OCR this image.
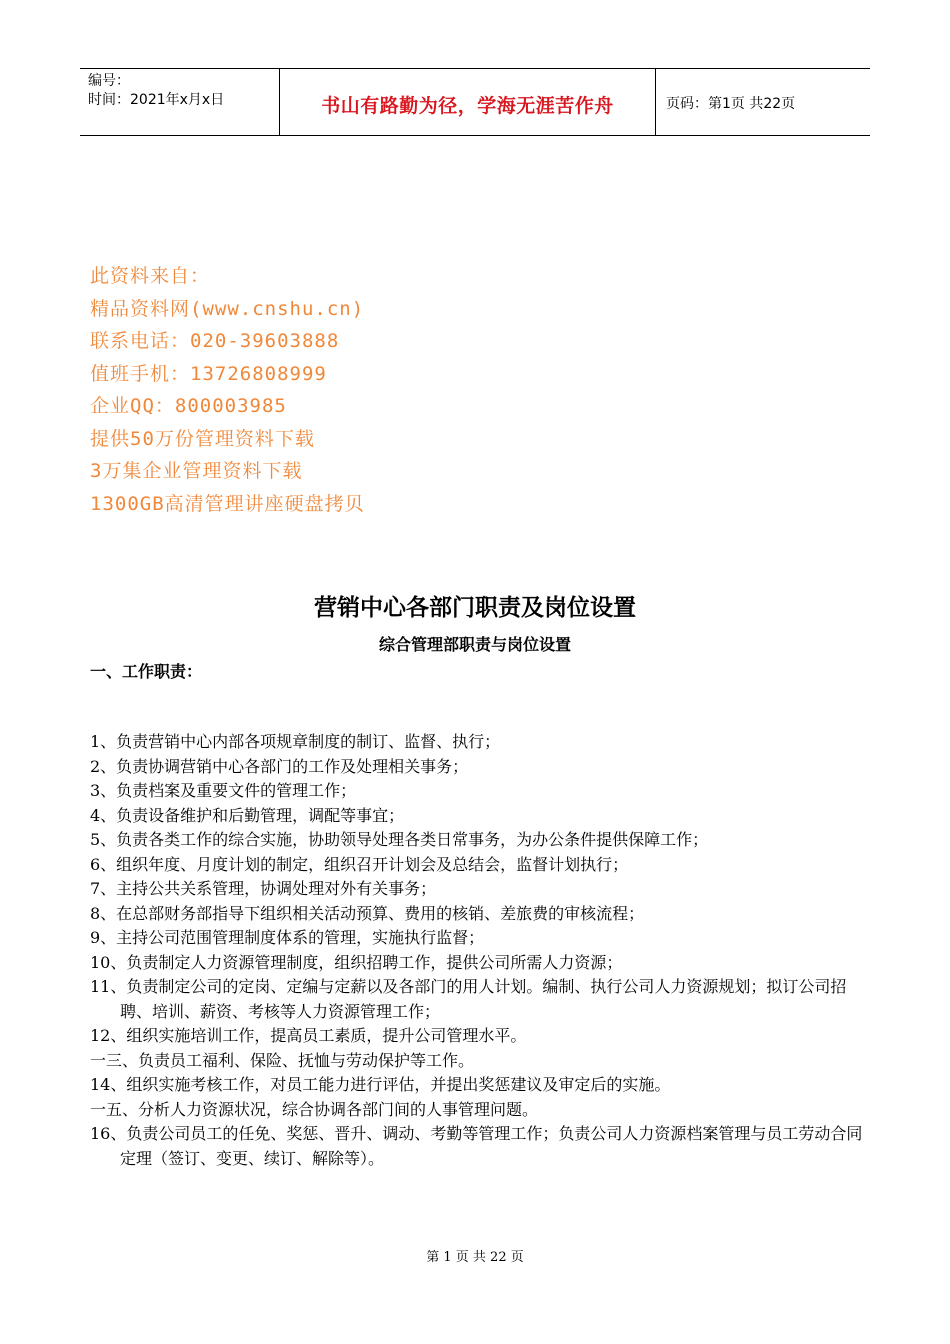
编号：
时间：2021年x月x日	书山有路勤为径，学海无涯苦作舟	页码：第1页 共22页
此资料来自：
精品资料网(www.cnshu.cn)
联系电话：020-39603888
值班手机：13726808999
企业QQ：800003985
提供50万份管理资料下载
3万集企业管理资料下载
1300GB高清管理讲座硬盘拷贝
营销中心各部门职责及岗位设置
综合管理部职责与岗位设置
一、工作职责：
1、负责营销中心内部各项规章制度的制订、监督、执行；
2、负责协调营销中心各部门的工作及处理相关事务；
3、负责档案及重要文件的管理工作；
4、负责设备维护和后勤管理，调配等事宜；
5、负责各类工作的综合实施，协助领导处理各类日常事务，为办公条件提供保障工作；
6、组织年度、月度计划的制定，组织召开计划会及总结会，监督计划执行；
7、主持公共关系管理，协调处理对外有关事务；
8、在总部财务部指导下组织相关活动预算、费用的核销、差旅费的审核流程；
9、主持公司范围管理制度体系的管理，实施执行监督；
10、负责制定人力资源管理制度，组织招聘工作，提供公司所需人力资源；
11、负责制定公司的定岗、定编与定薪以及各部门的用人计划。编制、执行公司人力资源规划；拟订公司招聘、培训、薪资、考核等人力资源管理工作；
12、组织实施培训工作，提高员工素质，提升公司管理水平。
一三、负责员工福利、保险、抚恤与劳动保护等工作。
14、组织实施考核工作，对员工能力进行评估，并提出奖惩建议及审定后的实施。
一五、分析人力资源状况，综合协调各部门间的人事管理问题。
16、负责公司员工的任免、奖惩、晋升、调动、考勤等管理工作；负责公司人力资源档案管理与员工劳动合同定理（签订、变更、续订、解除等）。
第 1 页 共 22 页
